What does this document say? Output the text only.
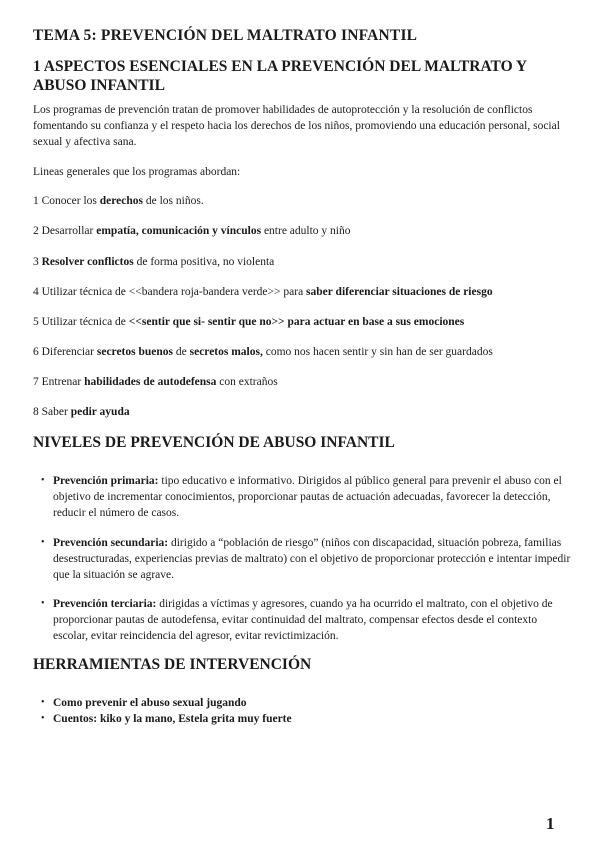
TEMA 5: PREVENCIÓN DEL MALTRATO INFANTIL
1 ASPECTOS ESENCIALES EN LA PREVENCIÓN DEL MALTRATO Y ABUSO INFANTIL

Los programas de prevención tratan de promover habilidades de autoprotección y la resolución de conflictos fomentando su confianza y el respeto hacia los derechos de los niños, promoviendo una educación personal, social sexual y afectiva sana.

Lineas generales que los programas abordan:

1 Conocer los derechos de los niños.

2 Desarrollar empatía, comunicación y vínculos entre adulto y niño

3 Resolver conflictos de forma positiva, no violenta

4 Utilizar técnica de <<bandera roja-bandera verde>> para saber diferenciar situaciones de riesgo

5 Utilizar técnica de <<sentir que si- sentir que no>> para actuar en base a sus emociones

6 Diferenciar secretos buenos de secretos malos, como nos hacen sentir y sin han de ser guardados

7 Entrenar habilidades de autodefensa con extraños

8 Saber pedir ayuda

NIVELES DE PREVENCIÓN DE ABUSO INFANTIL

• Prevención primaria: tipo educativo e informativo. Dirigidos al público general para prevenir el abuso con el objetivo de incrementar conocimientos, proporcionar pautas de actuación adecuadas, favorecer la detección, reducir el número de casos.

• Prevención secundaria: dirigido a “población de riesgo” (niños con discapacidad, situación pobreza, familias desestructuradas, experiencias previas de maltrato) con el objetivo de proporcionar protección e intentar impedir que la situación se agrave.

• Prevención terciaria: dirigidas a víctimas y agresores, cuando ya ha ocurrido el maltrato, con el objetivo de proporcionar pautas de autodefensa, evitar continuidad del maltrato, compensar efectos desde el contexto escolar, evitar reincidencia del agresor, evitar revictimización.

HERRAMIENTAS DE INTERVENCIÓN

• Como prevenir el abuso sexual jugando

• Cuentos: kiko y la mano, Estela grita muy fuerte

1
